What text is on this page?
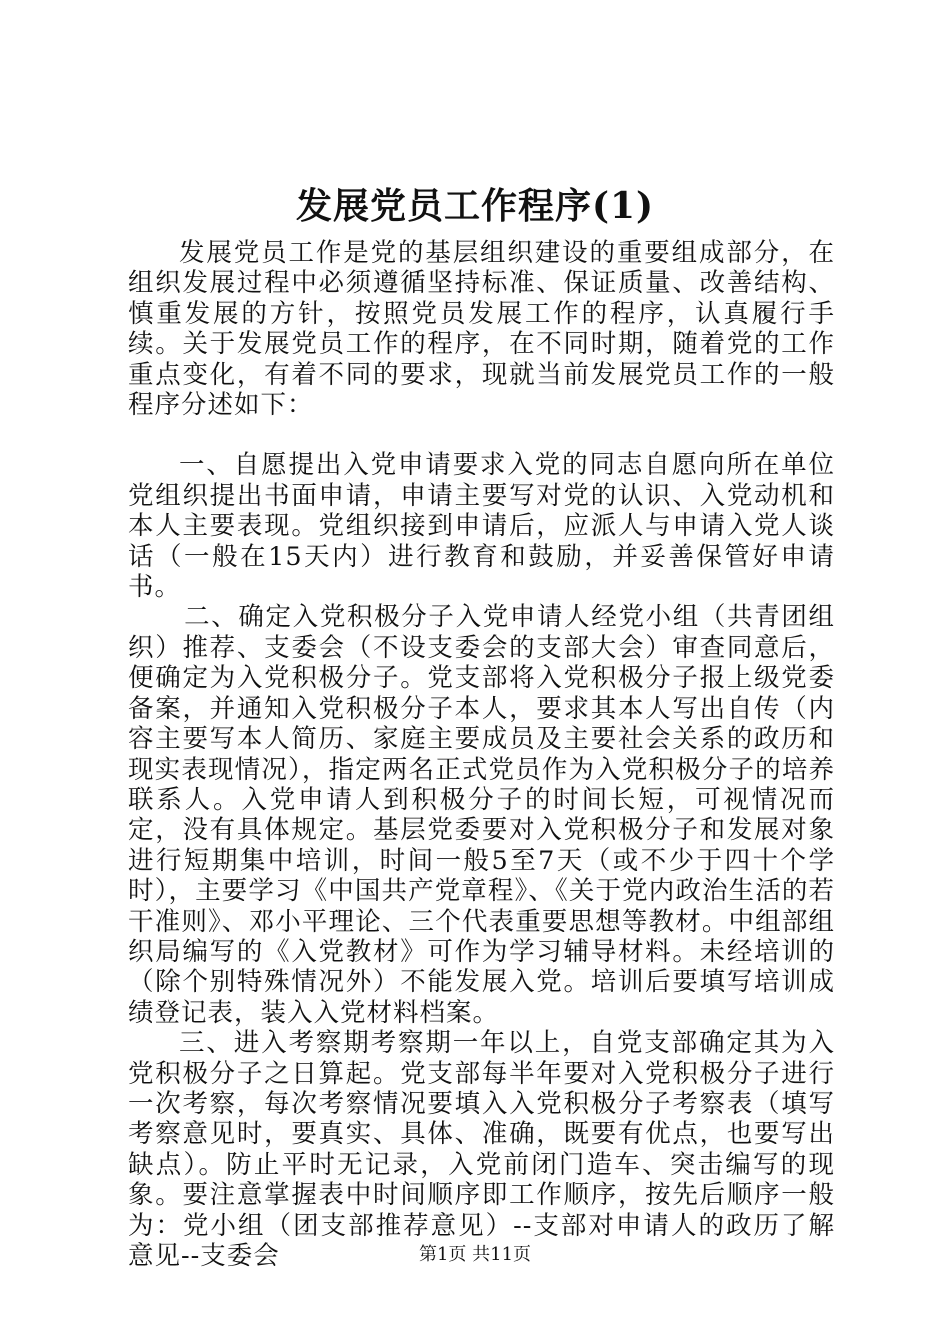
发展党员工作程序(1)

发展党员工作是党的基层组织建设的重要组成部分，在组织发展过程中必须遵循坚持标准、保证质量、改善结构、慎重发展的方针，按照党员发展工作的程序，认真履行手续。关于发展党员工作的程序，在不同时期，随着党的工作重点变化，有着不同的要求，现就当前发展党员工作的一般程序分述如下：

一、自愿提出入党申请要求入党的同志自愿向所在单位党组织提出书面申请，申请主要写对党的认识、入党动机和本人主要表现。党组织接到申请后，应派人与申请入党人谈话（一般在15天内）进行教育和鼓励，并妥善保管好申请书。

二、确定入党积极分子入党申请人经党小组（共青团组织）推荐、支委会（不设支委会的支部大会）审查同意后，便确定为入党积极分子。党支部将入党积极分子报上级党委备案，并通知入党积极分子本人，要求其本人写出自传（内容主要写本人简历、家庭主要成员及主要社会关系的政历和现实表现情况），指定两名正式党员作为入党积极分子的培养联系人。入党申请人到积极分子的时间长短，可视情况而定，没有具体规定。基层党委要对入党积极分子和发展对象进行短期集中培训，时间一般5至7天（或不少于四十个学时），主要学习《中国共产党章程》、《关于党内政治生活的若干准则》、邓小平理论、三个代表重要思想等教材。中组部组织局编写的《入党教材》可作为学习辅导材料。未经培训的（除个别特殊情况外）不能发展入党。培训后要填写培训成绩登记表，装入入党材料档案。

三、进入考察期考察期一年以上，自党支部确定其为入党积极分子之日算起。党支部每半年要对入党积极分子进行一次考察，每次考察情况要填入入党积极分子考察表（填写考察意见时，要真实、具体、准确，既要有优点，也要写出缺点）。防止平时无记录，入党前闭门造车、突击编写的现象。要注意掌握表中时间顺序即工作顺序，按先后顺序一般为：党小组（团支部推荐意见）--支部对申请人的政历了解意见--支委会	第1页 共11页
